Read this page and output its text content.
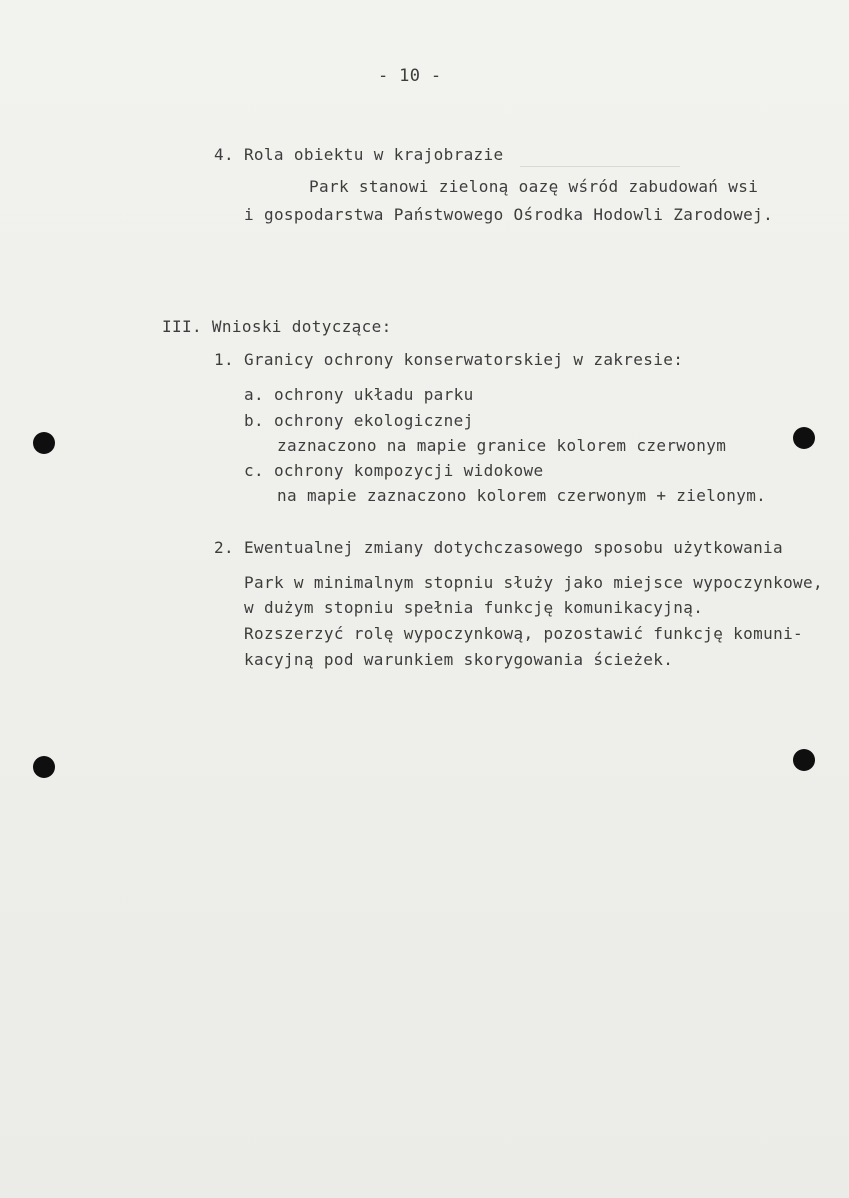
- 10 -
4. Rola obiektu w krajobrazie
Park stanowi zieloną oazę wśród zabudowań wsi
i gospodarstwa Państwowego Ośrodka Hodowli Zarodowej.
III. Wnioski dotyczące:
1. Granicy ochrony konserwatorskiej w zakresie:
a. ochrony układu parku
b. ochrony ekologicznej
zaznaczono na mapie granice kolorem czerwonym
c. ochrony kompozycji widokowe
na mapie zaznaczono kolorem czerwonym + zielonym.
2. Ewentualnej zmiany dotychczasowego sposobu użytkowania
Park w minimalnym stopniu służy jako miejsce wypoczynkowe,
w dużym stopniu spełnia funkcję komunikacyjną.
Rozszerzyć rolę wypoczynkową, pozostawić funkcję komuni-
kacyjną pod warunkiem skorygowania ścieżek.
